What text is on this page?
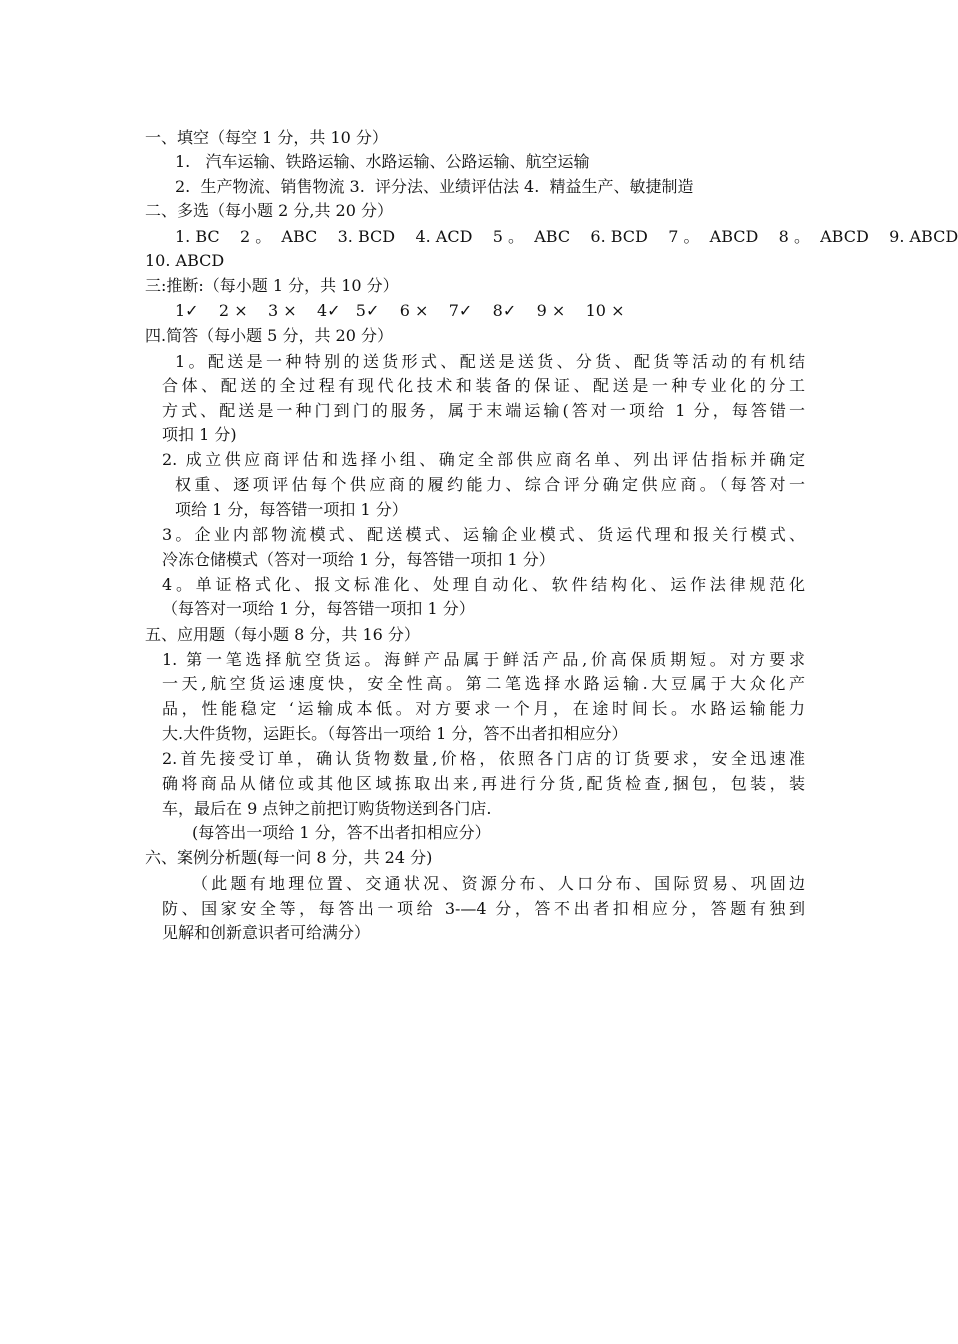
一、填空（每空 1 分，共 10 分）
1.   汽车运输、铁路运输、水路运输、公路运输、航空运输
2.  生产物流、销售物流 3.  评分法、业绩评估法 4.  精益生产、敏捷制造
二、多选（每小题 2 分,共 20 分）
1. BC    2 。  ABC    3. BCD    4. ACD    5 。  ABC    6. BCD    7 。  ABCD    8 。  ABCD    9. ABCD
10. ABCD
三:推断:（每小题 1 分，共 10 分）
1✓    2 ×    3 ×    4✓   5✓    6 ×    7✓    8✓    9 ×    10 ×
四.简答（每小题 5 分，共 20 分）
1。配送是一种特别的送货形式、配送是送货、分货、配货等活动的有机结
合体、配送的全过程有现代化技术和装备的保证、配送是一种专业化的分工
方式、配送是一种门到门的服务，属于末端运输(答对一项给 1 分，每答错一
项扣 1 分)
2. 成立供应商评估和选择小组、确定全部供应商名单、列出评估指标并确定
权重、逐项评估每个供应商的履约能力、综合评分确定供应商。（每答对一
项给 1 分，每答错一项扣 1 分）
3。企业内部物流模式、配送模式、运输企业模式、货运代理和报关行模式、
冷冻仓储模式（答对一项给 1 分，每答错一项扣 1 分）
4。单证格式化、报文标准化、处理自动化、软件结构化、运作法律规范化
（每答对一项给 1 分，每答错一项扣 1 分）
五、应用题（每小题 8 分，共 16 分）
1. 第一笔选择航空货运。海鲜产品属于鲜活产品,价高保质期短。对方要求
一天,航空货运速度快，安全性高。第二笔选择水路运输.大豆属于大众化产
品，性能稳定 ‘运输成本低。对方要求一个月，在途时间长。水路运输能力
大.大件货物，运距长。（每答出一项给 1 分，答不出者扣相应分）
2.首先接受订单，确认货物数量,价格，依照各门店的订货要求，安全迅速准
确将商品从储位或其他区域拣取出来,再进行分货,配货检查,捆包，包装，装
车，最后在 9 点钟之前把订购货物送到各门店.
(每答出一项给 1 分，答不出者扣相应分）
六、案例分析题(每一问 8 分，共 24 分)
（此题有地理位置、交通状况、资源分布、人口分布、国际贸易、巩固边
防、国家安全等，每答出一项给 3-—4 分，答不出者扣相应分，答题有独到
见解和创新意识者可给满分）
